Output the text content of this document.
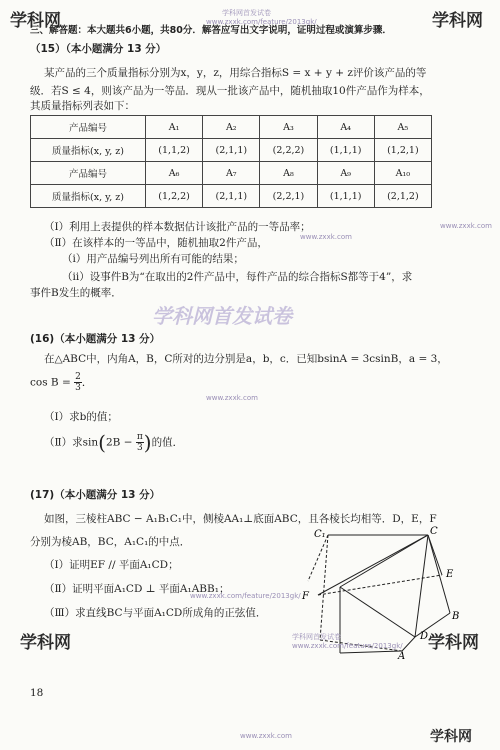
学科网	学科网首发试卷
www.zxxk.com/feature/2013gk/	学科网
三、解答题：本大题共6小题，共80分．解答应写出文字说明，证明过程或演算步骤．
（15）（本小题满分 13 分）
某产品的三个质量指标分别为x，y，z，用综合指标S = x + y + z评价该产品的等
级．若S ≤ 4，则该产品为一等品．现从一批该产品中，随机抽取10件产品作为样本，
其质量指标列表如下：
产品编号	A₁	A₂	A₃	A₄	A₅
质量指标(x, y, z)	(1,1,2)	(2,1,1)	(2,2,2)	(1,1,1)	(1,2,1)
产品编号	A₆	A₇	A₈	A₉	A₁₀
质量指标(x, y, z)	(1,2,2)	(2,1,1)	(2,2,1)	(1,1,1)	(2,1,2)
（Ⅰ）利用上表提供的样本数据估计该批产品的一等品率；	www.zxxk.com
www.zxxk.com
（Ⅱ）在该样本的一等品中，随机抽取2件产品，
（ⅰ）用产品编号列出所有可能的结果；
（ⅱ）设事件B为“在取出的2件产品中，每件产品的综合指标S都等于4”，求
事件B发生的概率．
学科网首发试卷
(16)（本小题满分 13 分）
在△ABC中，内角A，B，C所对的边分别是a，b，c．已知bsinA = 3csinB，a = 3，
$\cos B = \frac{2}{3}$．
www.zxxk.com
（Ⅰ）求b的值；
（Ⅱ）求$\sin(2B - \frac{\pi}{3})$的值．
(17)（本小题满分 13 分）
如图，三棱柱ABC − A₁B₁C₁中，侧棱AA₁⊥底面ABC，且各棱长均相等．D，E，F
分别为棱AB，BC，A₁C₁的中点．
（Ⅰ）证明EF // 平面A₁CD；
（Ⅱ）证明平面A₁CD ⊥ 平面A₁ABB₁；
www.zxxk.com/feature/2013gk/
（Ⅲ）求直线BC与平面A₁CD所成角的正弦值．
C₁	C
E
F
B
D
A
学科网	学科网首发试卷
www.zxxk.com/feature/2013gk/ 学科网
18
www.zxxk.com	学科网
